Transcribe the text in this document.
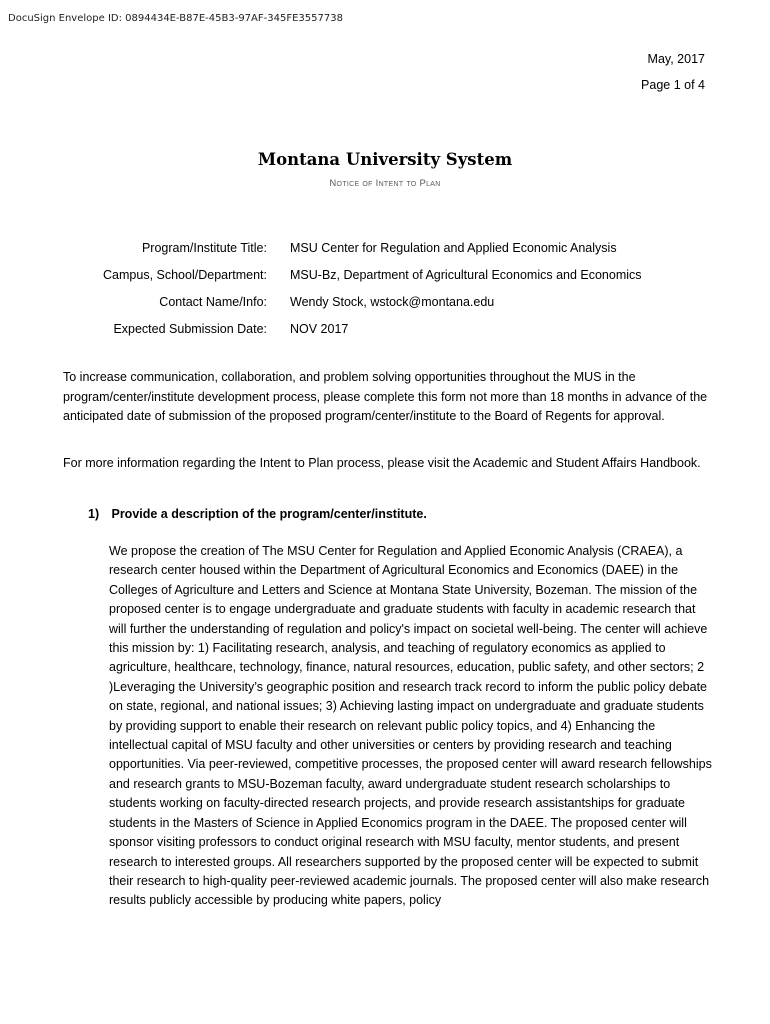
DocuSign Envelope ID: 0894434E-B87E-45B3-97AF-345FE3557738
May, 2017
Page 1 of 4
Montana University System
Notice of Intent to Plan
Program/Institute Title: MSU Center for Regulation and Applied Economic Analysis
Campus, School/Department: MSU-Bz, Department of Agricultural Economics and Economics
Contact Name/Info: Wendy Stock, wstock@montana.edu
Expected Submission Date: NOV 2017
To increase communication, collaboration, and problem solving opportunities throughout the MUS in the program/center/institute development process, please complete this form not more than 18 months in advance of the anticipated date of submission of the proposed program/center/institute to the Board of Regents for approval.
For more information regarding the Intent to Plan process, please visit the Academic and Student Affairs Handbook.
1) Provide a description of the program/center/institute.
We propose the creation of The MSU Center for Regulation and Applied Economic Analysis (CRAEA), a research center housed within the Department of Agricultural Economics and Economics (DAEE) in the Colleges of Agriculture and Letters and Science at Montana State University, Bozeman. The mission of the proposed center is to engage undergraduate and graduate students with faculty in academic research that will further the understanding of regulation and policy's impact on societal well-being. The center will achieve this mission by: 1) Facilitating research, analysis, and teaching of regulatory economics as applied to agriculture, healthcare, technology, finance, natural resources, education, public safety, and other sectors; 2 )Leveraging the University’s geographic position and research track record to inform the public policy debate on state, regional, and national issues; 3) Achieving lasting impact on undergraduate and graduate students by providing support to enable their research on relevant public policy topics, and 4) Enhancing the intellectual capital of MSU faculty and other universities or centers by providing research and teaching opportunities. Via peer-reviewed, competitive processes, the proposed center will award research fellowships and research grants to MSU-Bozeman faculty, award undergraduate student research scholarships to students working on faculty-directed research projects, and provide research assistantships for graduate students in the Masters of Science in Applied Economics program in the DAEE. The proposed center will sponsor visiting professors to conduct original research with MSU faculty, mentor students, and present research to interested groups. All researchers supported by the proposed center will be expected to submit their research to high-quality peer-reviewed academic journals. The proposed center will also make research results publicly accessible by producing white papers, policy
